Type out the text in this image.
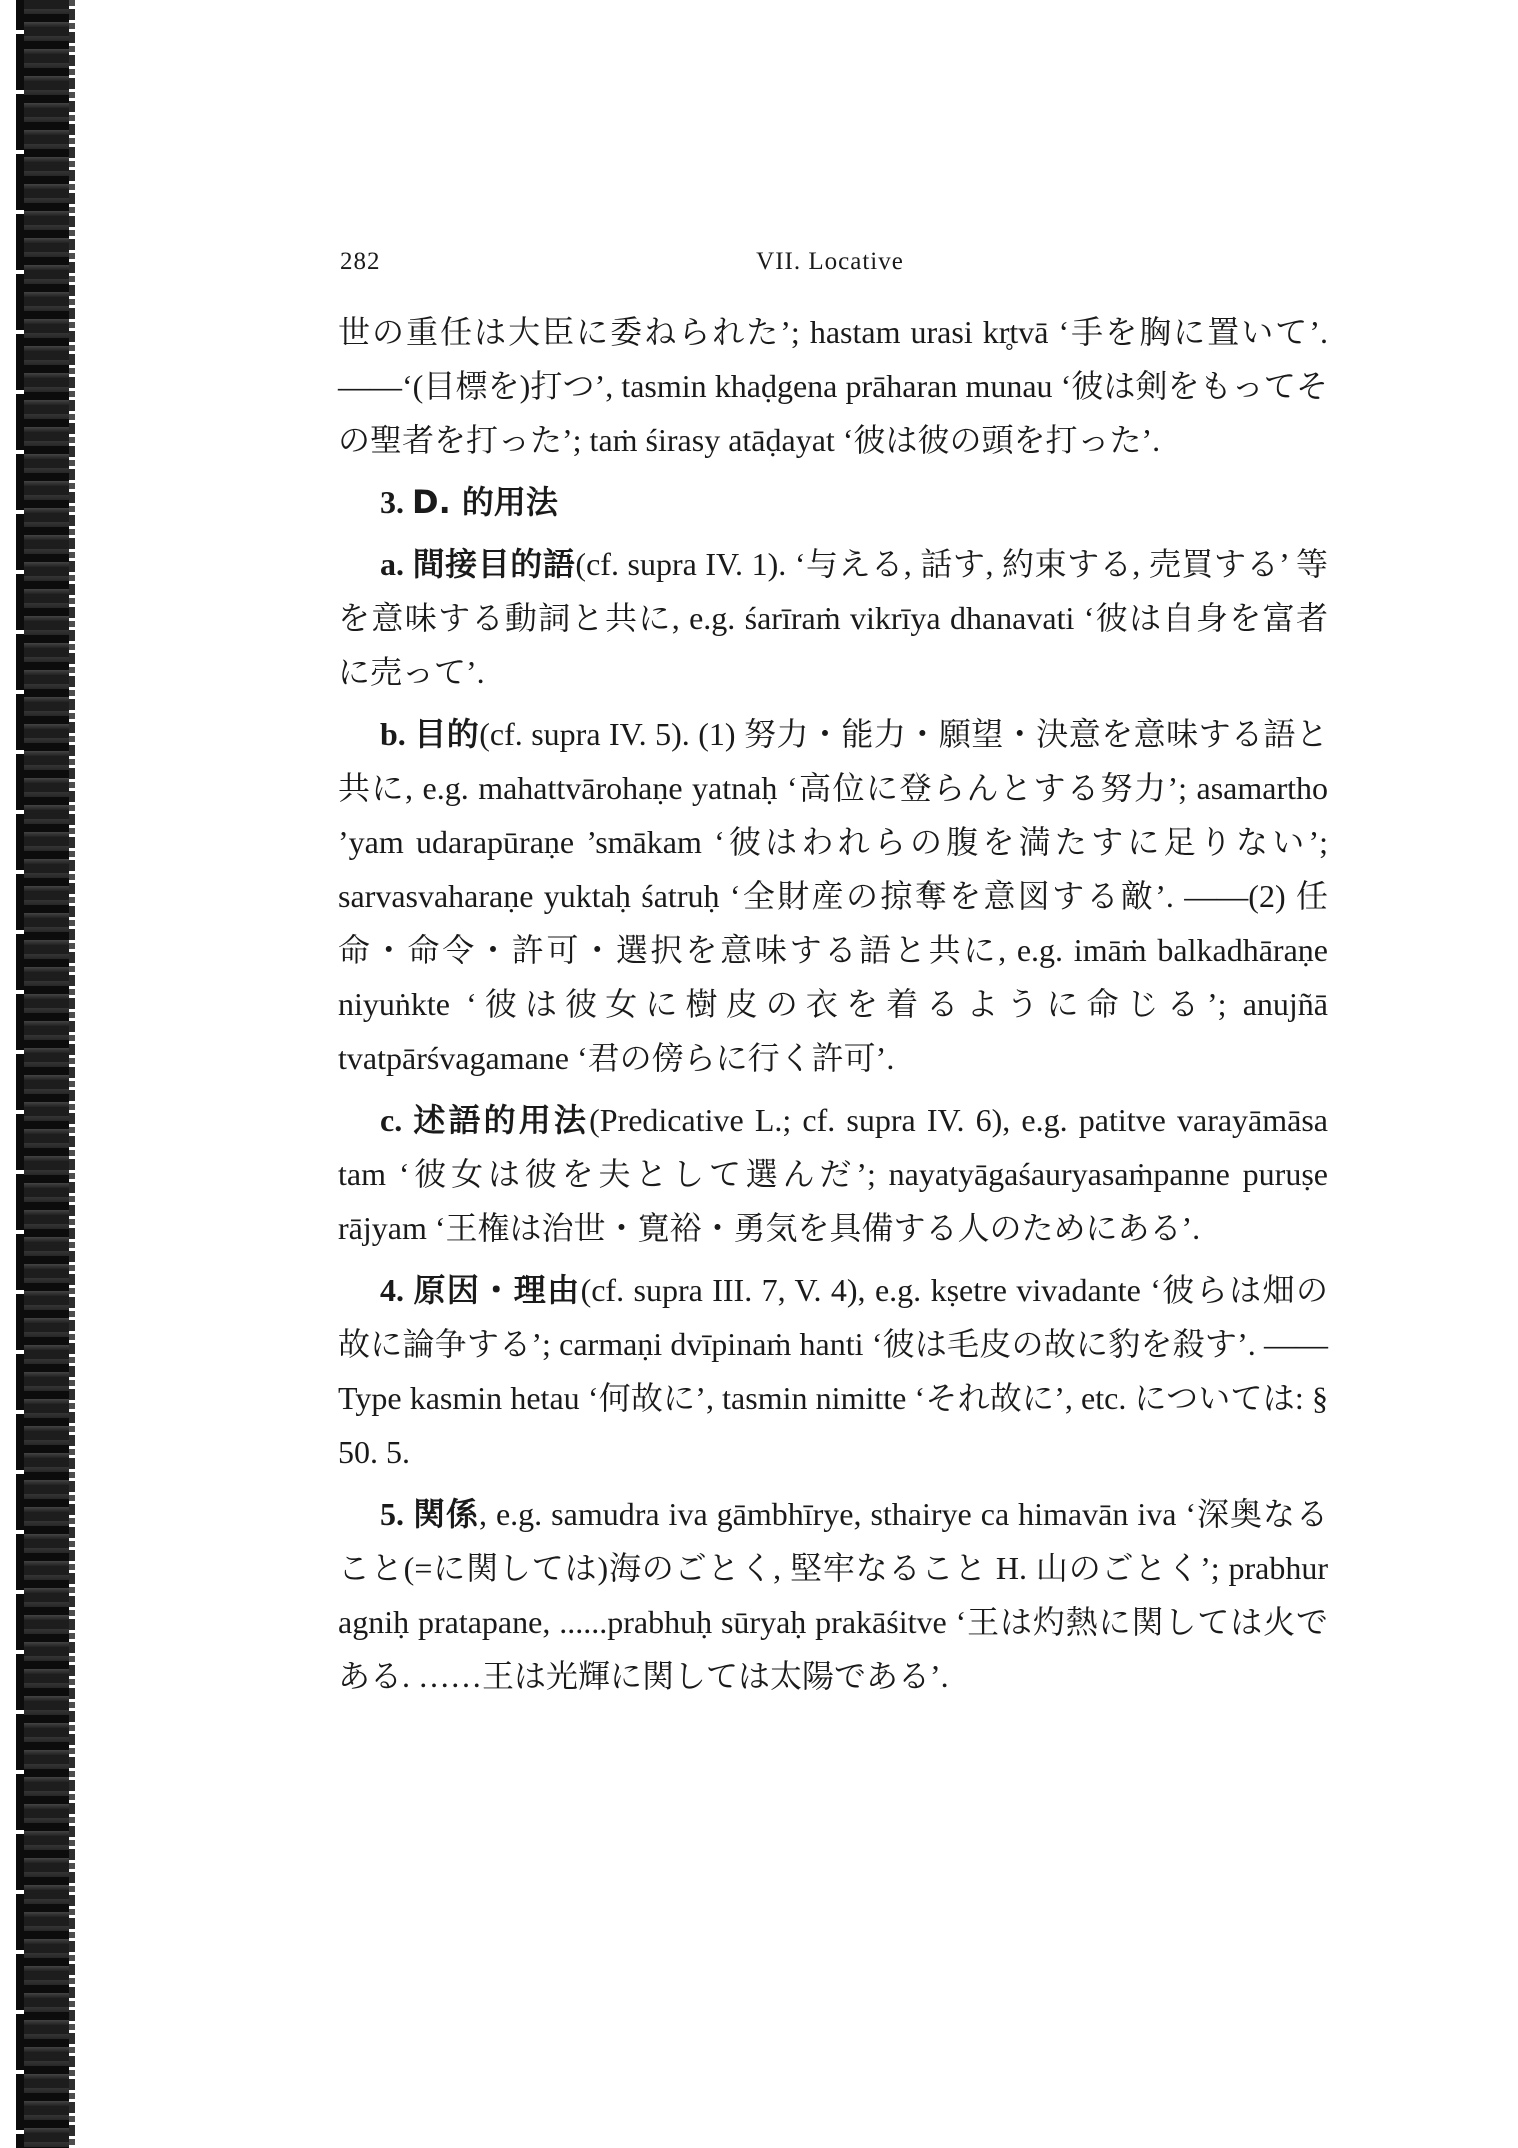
282	VII. Locative

世の重任は大臣に委ねられた’; hastam urasi kr̥tvā ‘手を胸に置いて’. ——‘(目標を)打つ’, tasmin khaḍgena prāharan munau ‘彼は剣をもってその聖者を打った’; taṁ śirasy atāḍayat ‘彼は彼の頭を打った’.

3. D. 的用法

a. 間接目的語(cf. supra IV. 1). ‘与える, 話す, 約束する, 売買する’ 等を意味する動詞と共に, e.g. śarīraṁ vikrīya dhanavati ‘彼は自身を富者に売って’.

b. 目的(cf. supra IV. 5). (1) 努力・能力・願望・決意を意味する語と共に, e.g. mahattvārohaṇe yatnaḥ ‘高位に登らんとする努力’; asamartho ’yam udarapūraṇe ’smākam ‘彼はわれらの腹を満たすに足りない’; sarvasvaharaṇe yuktaḥ śatruḥ ‘全財産の掠奪を意図する敵’. ——(2) 任命・命令・許可・選択を意味する語と共に, e.g. imāṁ balkadhāraṇe niyuṅkte ‘彼は彼女に樹皮の衣を着るように命じる’; anujñā tvatpārśvagamane ‘君の傍らに行く許可’.

c. 述語的用法(Predicative L.; cf. supra IV. 6), e.g. patitve varayāmāsa tam ‘彼女は彼を夫として選んだ’; nayatyāgaśauryasaṁpanne puruṣe rājyam ‘王権は治世・寛裕・勇気を具備する人のためにある’.

4. 原因・理由(cf. supra III. 7, V. 4), e.g. kṣetre vivadante ‘彼らは畑の故に論争する’; carmaṇi dvīpinaṁ hanti ‘彼は毛皮の故に豹を殺す’. ——Type kasmin hetau ‘何故に’, tasmin nimitte ‘それ故に’, etc. については: § 50. 5.

5. 関係, e.g. samudra iva gāmbhīrye, sthairye ca himavān iva ‘深奥なること(=に関しては)海のごとく, 堅牢なること H. 山のごとく’; prabhur agniḥ pratapane, ......prabhuḥ sūryaḥ prakāśitve ‘王は灼熱に関しては火である. ……王は光輝に関しては太陽である’.
